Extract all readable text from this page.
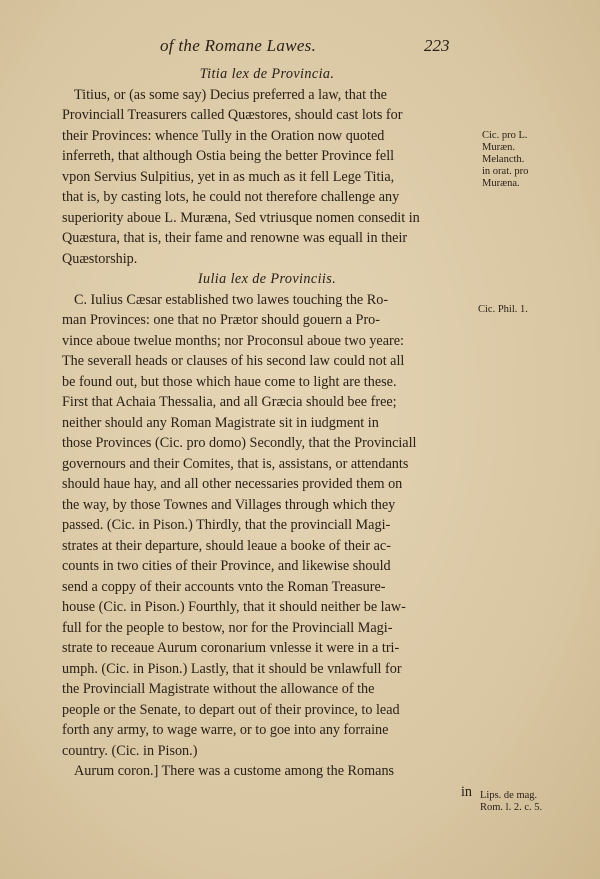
of the Romane Lawes.	223
Titia lex de Provincia.
Titius, or (as some say) Decius preferred a law, that the
Provinciall Treasurers called Quæstores, should cast lots for
their Provinces: whence Tully in the Oration now quoted
inferreth, that although Ostia being the better Province fell
vpon Servius Sulpitius, yet in as much as it fell Lege Titia,
that is, by casting lots, he could not therefore challenge any
superiority aboue L. Muræna, Sed vtriusque nomen consedit in
Quæstura, that is, their fame and renowne was equall in their
Quæstorship.
Iulia lex de Provinciis.
C. Iulius Cæsar established two lawes touching the Ro-
man Provinces: one that no Prætor should gouern a Pro-
vince aboue twelue months; nor Proconsul aboue two yeare:
The severall heads or clauses of his second law could not all
be found out, but those which haue come to light are these.
First that Achaia Thessalia, and all Græcia should bee free;
neither should any Roman Magistrate sit in iudgment in
those Provinces (Cic. pro domo) Secondly, that the Provinciall
governours and their Comites, that is, assistans, or attendants
should haue hay, and all other necessaries provided them on
the way, by those Townes and Villages through which they
passed. (Cic. in Pison.) Thirdly, that the provinciall Magi-
strates at their departure, should leaue a booke of their ac-
counts in two cities of their Province, and likewise should
send a coppy of their accounts vnto the Roman Treasure-
house (Cic. in Pison.) Fourthly, that it should neither be law-
full for the people to bestow, nor for the Provinciall Magi-
strate to receaue Aurum coronarium vnlesse it were in a tri-
umph. (Cic. in Pison.) Lastly, that it should be vnlawfull for
the Provinciall Magistrate without the allowance of the
people or the Senate, to depart out of their province, to lead
forth any army, to wage warre, or to goe into any forraine
country. (Cic. in Pison.)
Aurum coron.] There was a custome among the Romans
in
Cic. pro L.
Muræn.
Melancth.
in orat. pro
Muræna.
Cic. Phil. 1.
Lips. de mag.
Rom. l. 2. c. 5.
